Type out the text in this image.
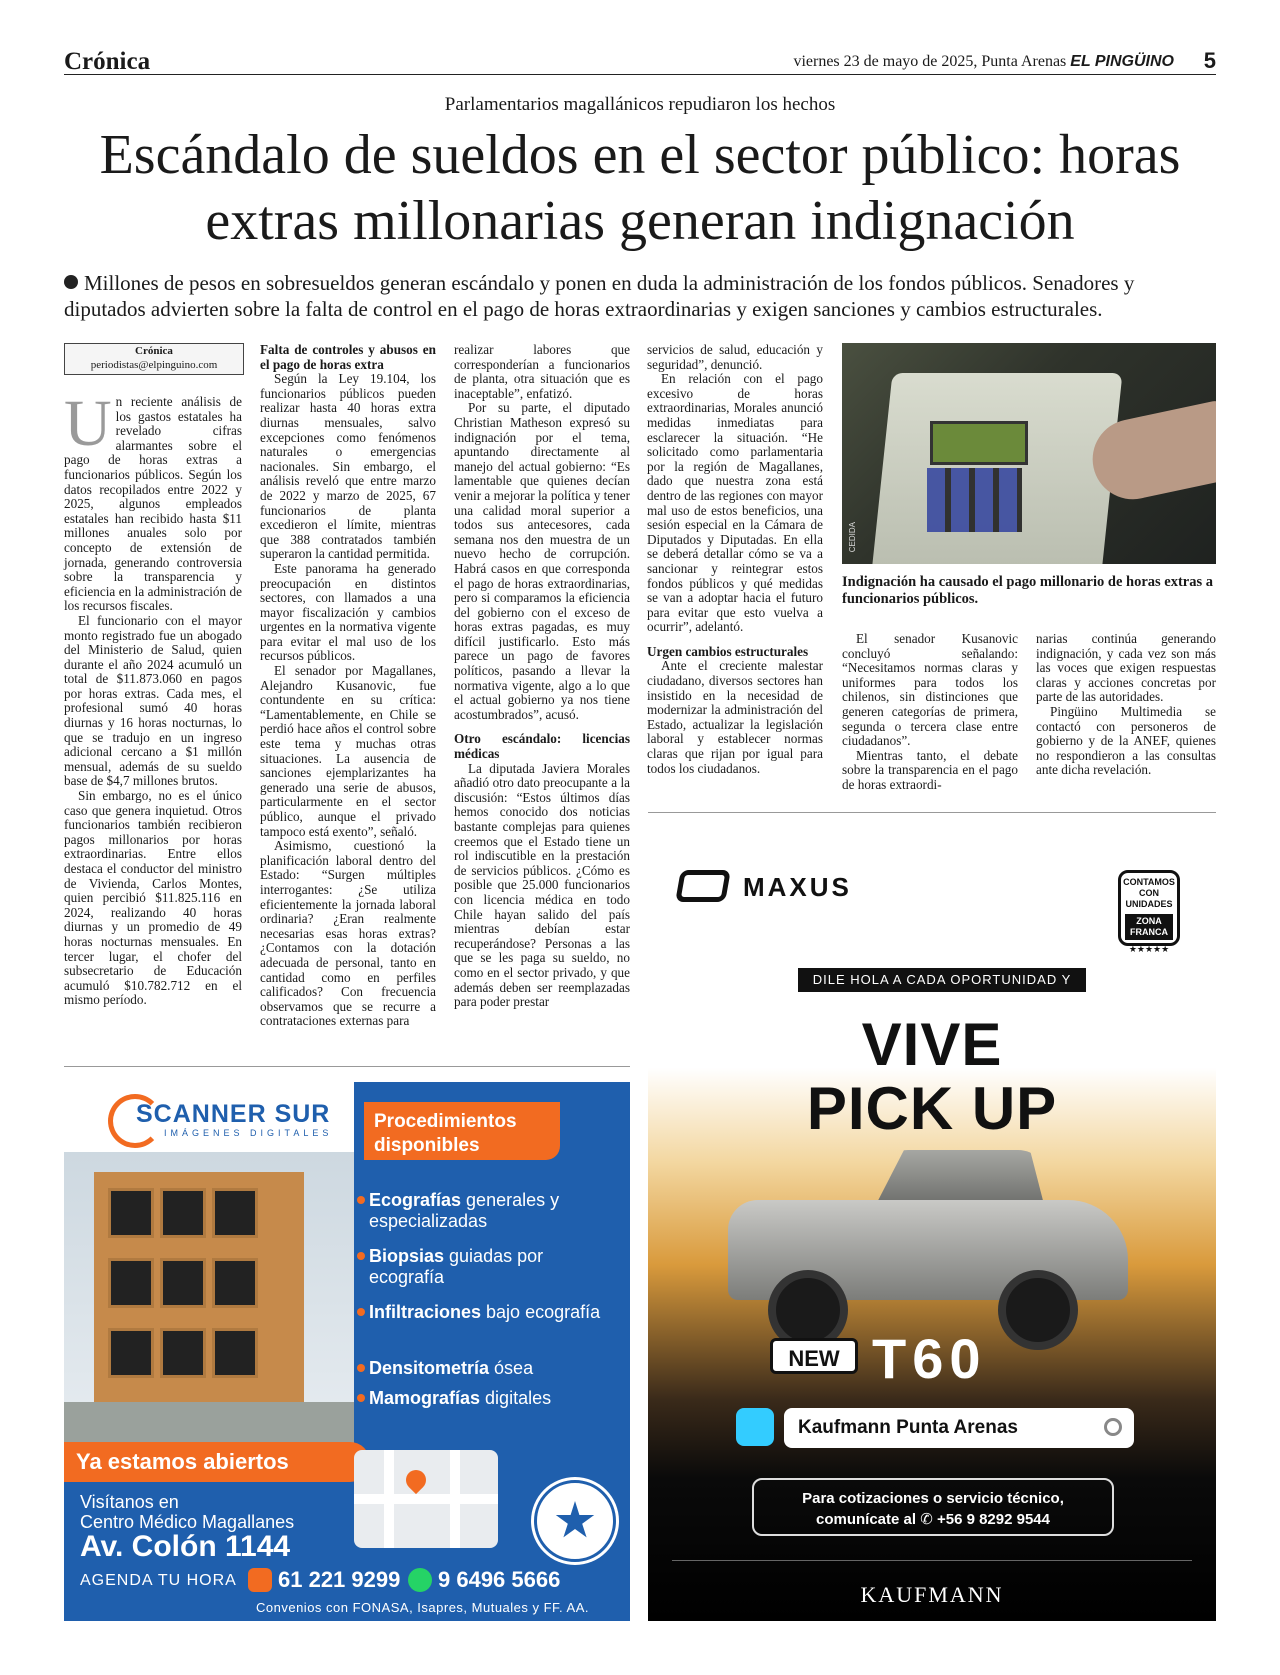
Crónica	viernes 23 de mayo de 2025, Punta Arenas EL PINGÜINO 5
Parlamentarios magallánicos repudiaron los hechos
Escándalo de sueldos en el sector público: horas extras millonarias generan indignación
Millones de pesos en sobresueldos generan escándalo y ponen en duda la administración de los fondos públicos. Senadores y diputados advierten sobre la falta de control en el pago de horas extraordinarias y exigen sanciones y cambios estructurales.
Crónica
periodistas@elpinguino.com

Un reciente análisis de los gastos estatales ha revelado cifras alarmantes sobre el pago de horas extras a funcionarios públicos. Según los datos recopilados entre 2022 y 2025, algunos empleados estatales han recibido hasta $11 millones anuales solo por concepto de extensión de jornada, generando controversia sobre la transparencia y eficiencia en la administración de los recursos fiscales.

El funcionario con el mayor monto registrado fue un abogado del Ministerio de Salud, quien durante el año 2024 acumuló un total de $11.873.060 en pagos por horas extras. Cada mes, el profesional sumó 40 horas diurnas y 16 horas nocturnas, lo que se tradujo en un ingreso adicional cercano a $1 millón mensual, además de su sueldo base de $4,7 millones brutos.

Sin embargo, no es el único caso que genera inquietud. Otros funcionarios también recibieron pagos millonarios por horas extraordinarias. Entre ellos destaca el conductor del ministro de Vivienda, Carlos Montes, quien percibió $11.825.116 en 2024, realizando 40 horas diurnas y un promedio de 49 horas nocturnas mensuales. En tercer lugar, el chofer del subsecretario de Educación acumuló $10.782.712 en el mismo período.

Falta de controles y abusos en el pago de horas extra

Según la Ley 19.104, los funcionarios públicos pueden realizar hasta 40 horas extra diurnas mensuales, salvo excepciones como fenómenos naturales o emergencias nacionales. Sin embargo, el análisis reveló que entre marzo de 2022 y marzo de 2025, 67 funcionarios de planta excedieron el límite, mientras que 388 contratados también superaron la cantidad permitida.

Este panorama ha generado preocupación en distintos sectores, con llamados a una mayor fiscalización y cambios urgentes en la normativa vigente para evitar el mal uso de los recursos públicos.

El senador por Magallanes, Alejandro Kusanovic, fue contundente en su crítica: “Lamentablemente, en Chile se perdió hace años el control sobre este tema y muchas otras situaciones. La ausencia de sanciones ejemplarizantes ha generado una serie de abusos, particularmente en el sector público, aunque el privado tampoco está exento”, señaló.

Asimismo, cuestionó la planificación laboral dentro del Estado: “Surgen múltiples interrogantes: ¿Se utiliza eficientemente la jornada laboral ordinaria? ¿Eran realmente necesarias esas horas extras? ¿Contamos con la dotación adecuada de personal, tanto en cantidad como en perfiles calificados? Con frecuencia observamos que se recurre a contrataciones externas para

realizar labores que corresponderían a funcionarios de planta, otra situación que es inaceptable”, enfatizó.

Por su parte, el diputado Christian Matheson expresó su indignación por el tema, apuntando directamente al manejo del actual gobierno: “Es lamentable que quienes decían venir a mejorar la política y tener una calidad moral superior a todos sus antecesores, cada semana nos den muestra de un nuevo hecho de corrupción. Habrá casos en que corresponda el pago de horas extraordinarias, pero si comparamos la eficiencia del gobierno con el exceso de horas extras pagadas, es muy difícil justificarlo. Esto más parece un pago de favores políticos, pasando a llevar la normativa vigente, algo a lo que el actual gobierno ya nos tiene acostumbrados”, acusó.

Otro escándalo: licencias médicas

La diputada Javiera Morales añadió otro dato preocupante a la discusión: “Estos últimos días hemos conocido dos noticias bastante complejas para quienes creemos que el Estado tiene un rol indiscutible en la prestación de servicios públicos. ¿Cómo es posible que 25.000 funcionarios con licencia médica en todo Chile hayan salido del país mientras debían estar recuperándose? Personas a las que se les paga su sueldo, no como en el sector privado, y que además deben ser reemplazadas para poder prestar

servicios de salud, educación y seguridad”, denunció.

En relación con el pago excesivo de horas extraordinarias, Morales anunció medidas inmediatas para esclarecer la situación. “He solicitado como parlamentaria por la región de Magallanes, dado que nuestra zona está dentro de las regiones con mayor mal uso de estos beneficios, una sesión especial en la Cámara de Diputados y Diputadas. En ella se deberá detallar cómo se va a sancionar y reintegrar estos fondos públicos y qué medidas se van a adoptar hacia el futuro para evitar que esto vuelva a ocurrir”, adelantó.

Urgen cambios estructurales

Ante el creciente malestar ciudadano, diversos sectores han insistido en la necesidad de modernizar la administración del Estado, actualizar la legislación laboral y establecer normas claras que rijan por igual para todos los ciudadanos.

CEDIDA
Indignación ha causado el pago millonario de horas extras a funcionarios públicos.

El senador Kusanovic concluyó señalando: “Necesitamos normas claras y uniformes para todos los chilenos, sin distinciones que generen categorías de primera, segunda o tercera clase entre ciudadanos”.

Mientras tanto, el debate sobre la transparencia en el pago de horas extraordi-

narias continúa generando indignación, y cada vez son más las voces que exigen respuestas claras y acciones concretas por parte de las autoridades.

Pingüino Multimedia se contactó con personeros de gobierno y de la ANEF, quienes no respondieron a las consultas ante dicha revelación.

SCANNER SUR
IMÁGENES DIGITALES
Procedimientos disponibles
Ecografías generales y especializadas
Biopsias guiadas por ecografía
Infiltraciones bajo ecografía
Densitometría ósea
Mamografías digitales
Ya estamos abiertos
Visítanos en
Centro Médico Magallanes
Av. Colón 1144
AGENDA TU HORA 61 221 9299 9 6496 5666
Convenios con FONASA, Isapres, Mutuales y FF. AA.
MAXUS	CONTAMOS CON UNIDADES
ZONA FRANCA
★★★★★
DILE HOLA A CADA OPORTUNIDAD Y
VIVE
PICK UP
NEW T60
Kaufmann Punta Arenas
Para cotizaciones o servicio técnico,
comunícate al ✆ +56 9 8292 9544
KAUFMANN
